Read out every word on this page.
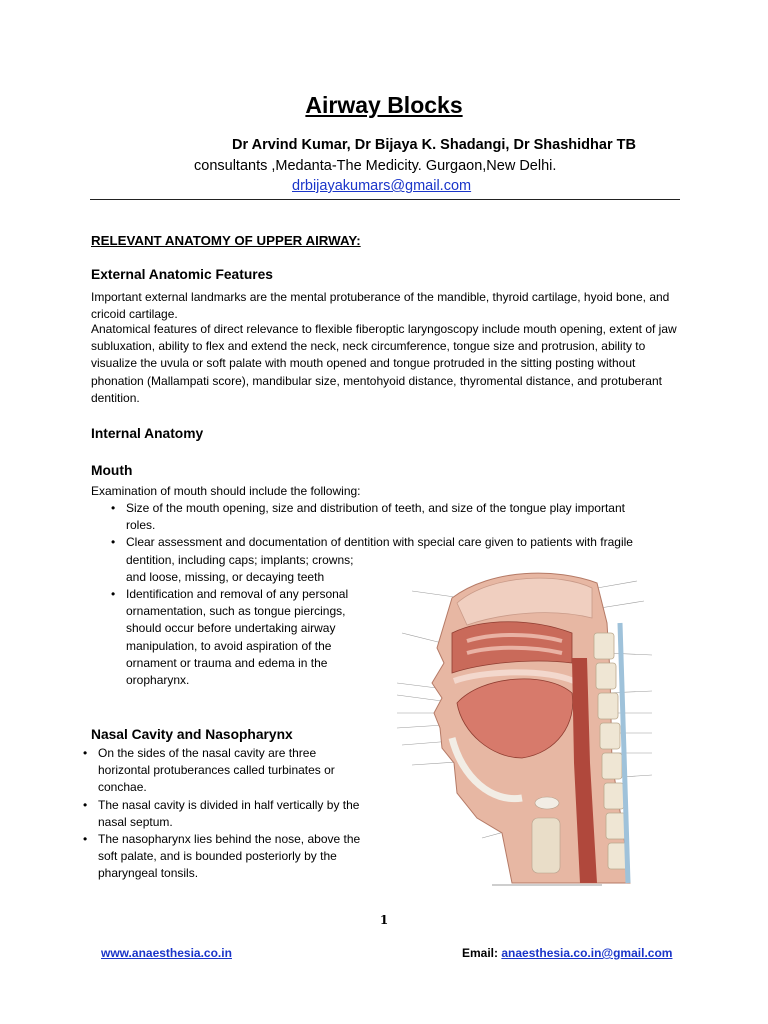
Airway Blocks
Dr Arvind Kumar, Dr Bijaya K. Shadangi, Dr Shashidhar TB
consultants ,Medanta-The Medicity. Gurgaon,New Delhi.
drbijayakumars@gmail.com
RELEVANT ANATOMY OF UPPER AIRWAY:
External Anatomic Features

Important external landmarks are the mental protuberance of the mandible, thyroid cartilage, hyoid bone, and cricoid cartilage.

Anatomical features of direct relevance to flexible fiberoptic laryngoscopy include mouth opening, extent of jaw subluxation, ability to flex and extend the neck, neck circumference, tongue size and protrusion, ability to visualize the uvula or soft palate with mouth opened and tongue protruded in the sitting posting without phonation (Mallampati score), mandibular size, mentohyoid distance, thyromental distance, and protuberant dentition.

Internal Anatomy
Mouth

Examination of mouth should include the following:

• Size of the mouth opening, size and distribution of teeth, and size of the tongue play important
roles.
• Clear assessment and documentation of dentition with special care given to patients with fragile
dentition, including caps; implants; crowns;
and loose, missing, or decaying teeth
• Identification and removal of any personal
ornamentation, such as tongue piercings,
should occur before undertaking airway
manipulation, to avoid aspiration of the
ornament or trauma and edema in the
oropharynx.
Nasal Cavity and Nasopharynx
• On the sides of the nasal cavity are three
horizontal protuberances called turbinates or
conchae.
• The nasal cavity is divided in half vertically by the
nasal septum.
• The nasopharynx lies behind the nose, above the
soft palate, and is bounded posteriorly by the
pharyngeal tonsils.
1
www.anaesthesia.co.in	Email: anaesthesia.co.in@gmail.com
